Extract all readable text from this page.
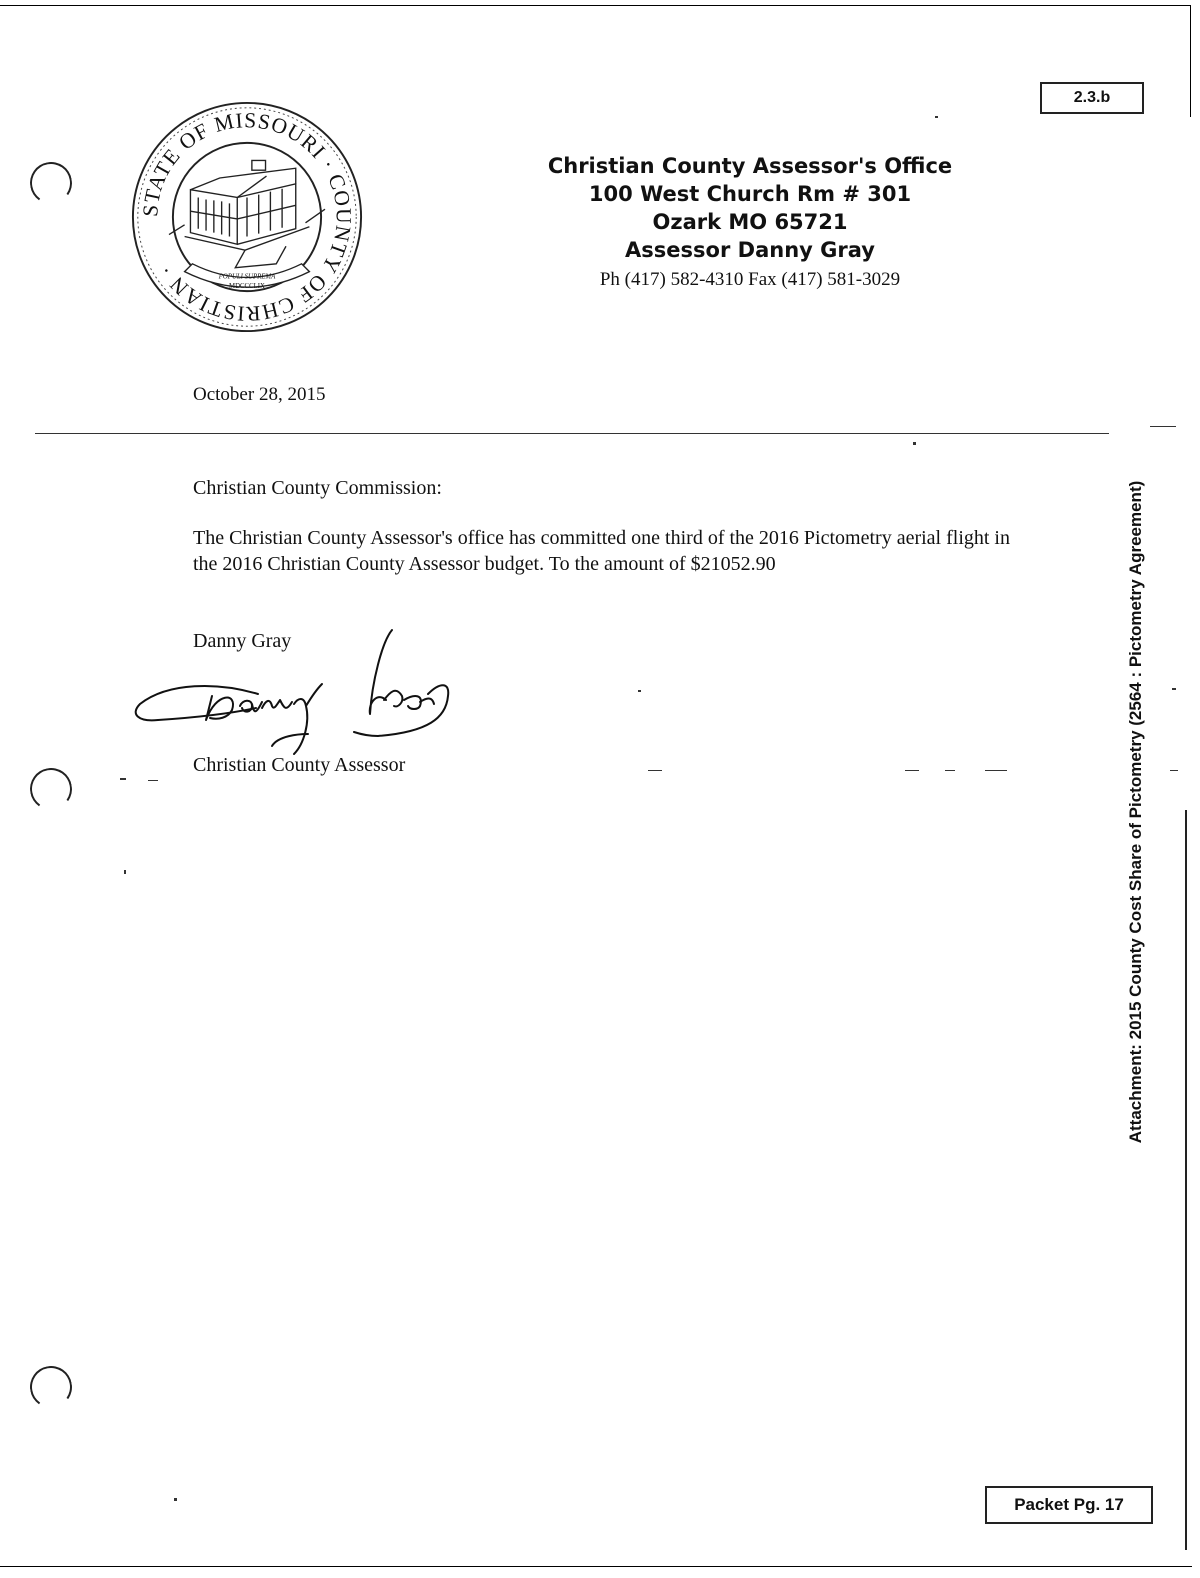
2.3.b
STATE OF MISSOURI · COUNTY OF CHRISTIAN ·	POPULI SUPREMA
MDCCCLIX
Christian County Assessor's Office
100 West Church Rm # 301
Ozark MO 65721
Assessor Danny Gray
Ph (417) 582-4310 Fax (417) 581-3029
October 28, 2015
Christian County Commission:
The Christian County Assessor's office has committed one third of the 2016 Pictometry aerial flight in the 2016 Christian County Assessor budget. To the amount of $21052.90
Danny Gray
Christian County Assessor	Attachment: 2015 County Cost Share of Pictometry (2564 : Pictometry Agreement)
Packet Pg. 17
